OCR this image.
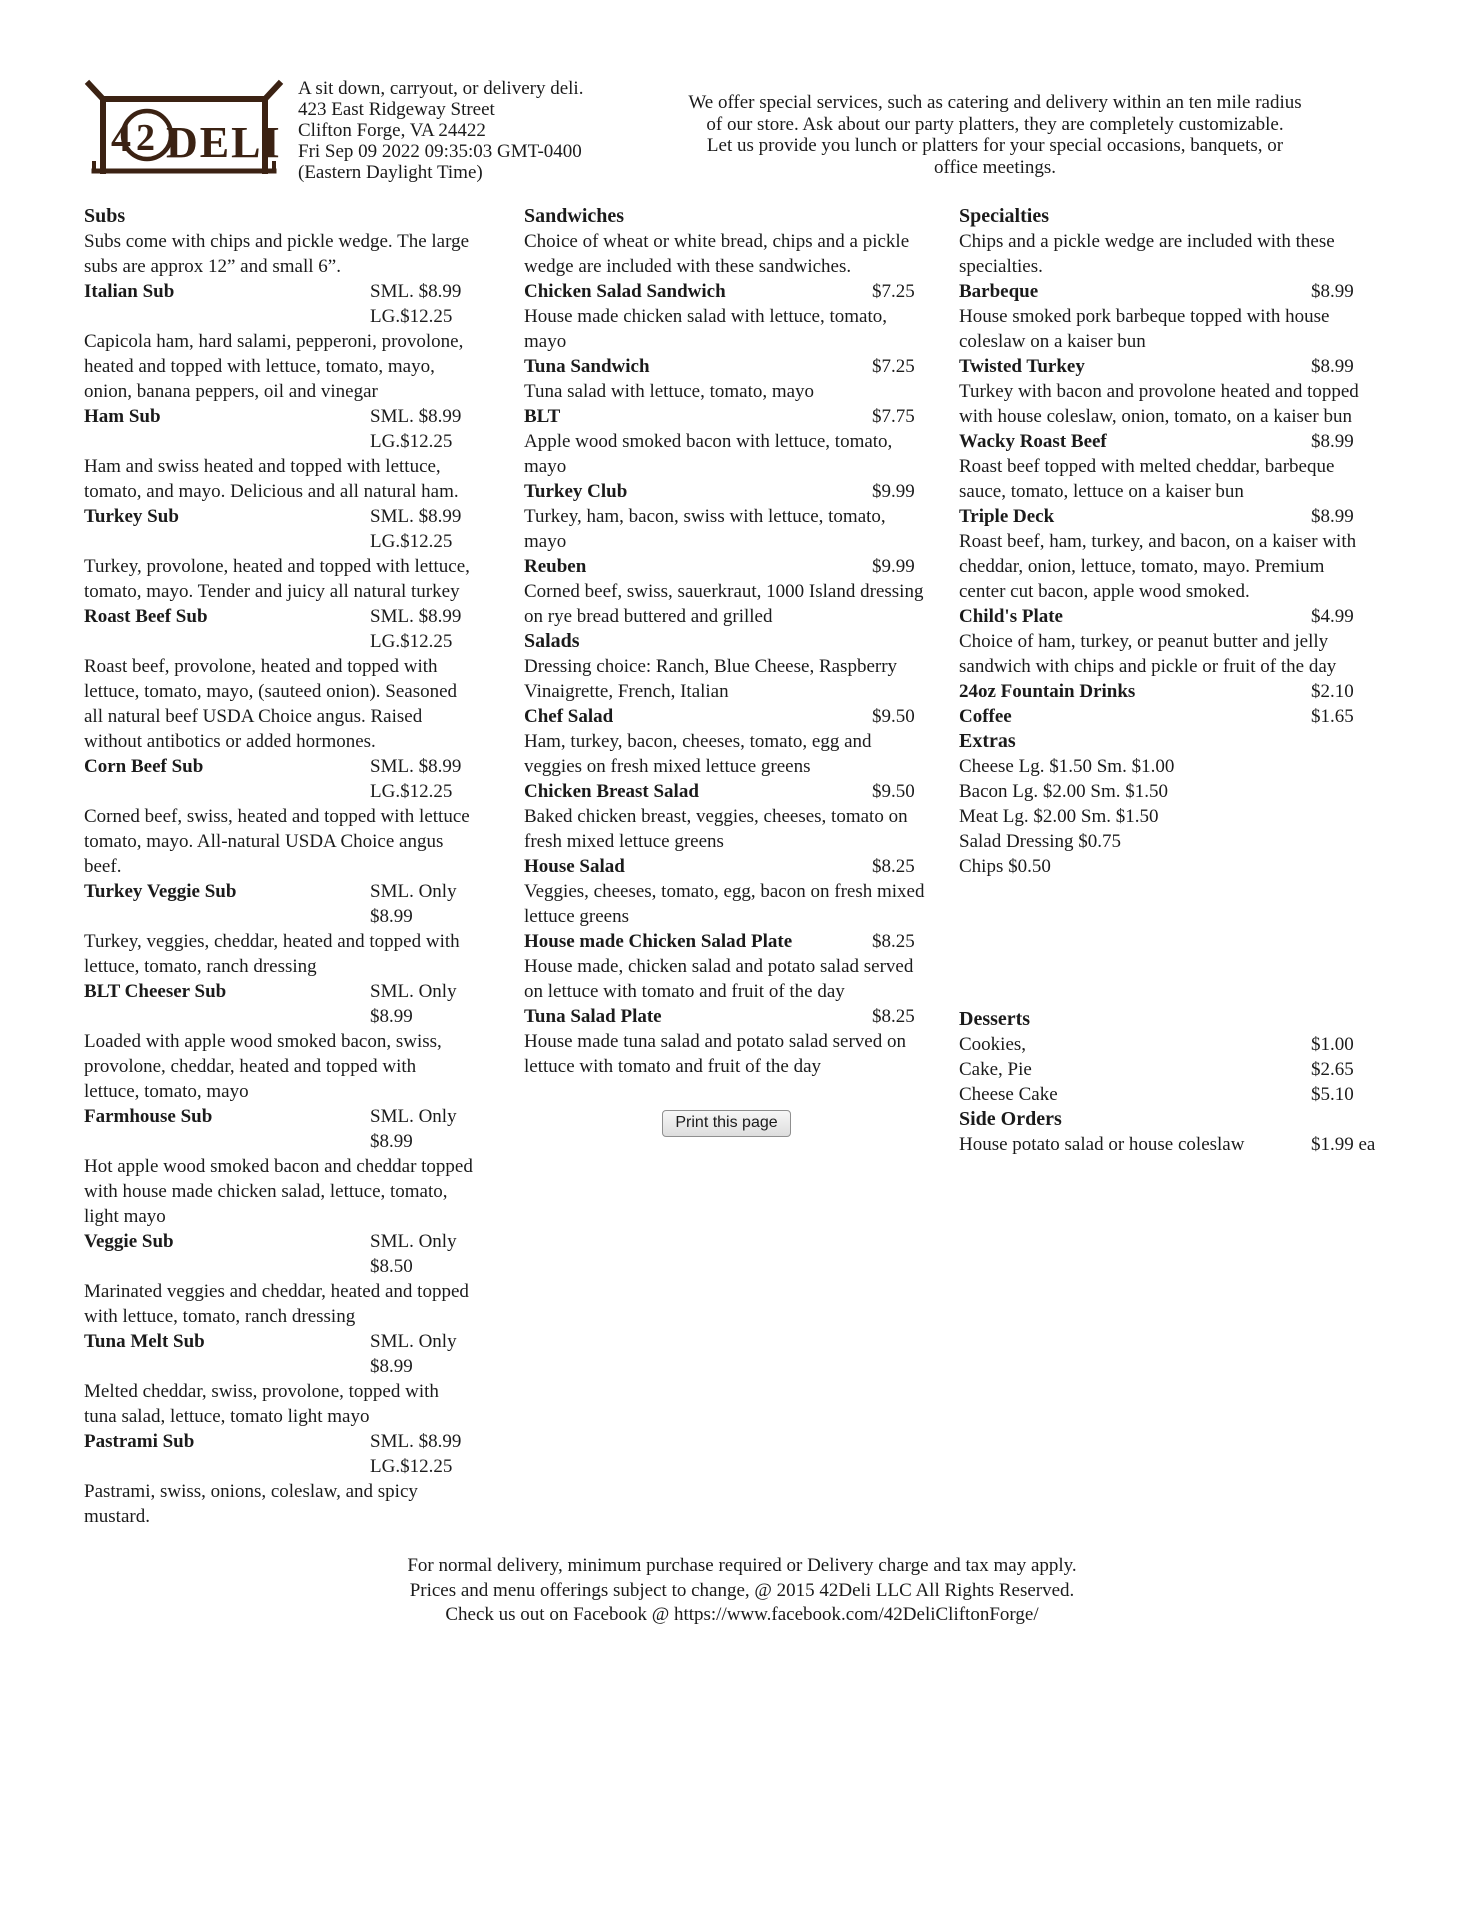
4 2 DELI
A sit down, carryout, or delivery deli.
423 East Ridgeway Street
Clifton Forge, VA 24422
Fri Sep 09 2022 09:35:03 GMT-0400 (Eastern Daylight Time)
We offer special services, such as catering and delivery within an ten mile radius of our store. Ask about our party platters, they are completely customizable.
Let us provide you lunch or platters for your special occasions, banquets, or office meetings.
Subs
Subs come with chips and pickle wedge. The large subs are approx 12” and small 6”.
Italian Sub	SML. $8.99
LG.$12.25
Capicola ham, hard salami, pepperoni, provolone, heated and topped with lettuce, tomato, mayo, onion, banana peppers, oil and vinegar
Ham Sub	SML. $8.99
LG.$12.25
Ham and swiss heated and topped with lettuce, tomato, and mayo. Delicious and all natural ham.
Turkey Sub	SML. $8.99
LG.$12.25
Turkey, provolone, heated and topped with lettuce, tomato, mayo. Tender and juicy all natural turkey
Roast Beef Sub	SML. $8.99
LG.$12.25
Roast beef, provolone, heated and topped with lettuce, tomato, mayo, (sauteed onion). Seasoned all natural beef USDA Choice angus. Raised without antibotics or added hormones.
Corn Beef Sub	SML. $8.99
LG.$12.25
Corned beef, swiss, heated and topped with lettuce tomato, mayo. All-natural USDA Choice angus beef.
Turkey Veggie Sub	SML. Only
$8.99
Turkey, veggies, cheddar, heated and topped with lettuce, tomato, ranch dressing
BLT Cheeser Sub	SML. Only
$8.99
Loaded with apple wood smoked bacon, swiss, provolone, cheddar, heated and topped with lettuce, tomato, mayo
Farmhouse Sub	SML. Only
$8.99
Hot apple wood smoked bacon and cheddar topped with house made chicken salad, lettuce, tomato, light mayo
Veggie Sub	SML. Only
$8.50
Marinated veggies and cheddar, heated and topped with lettuce, tomato, ranch dressing
Tuna Melt Sub	SML. Only
$8.99
Melted cheddar, swiss, provolone, topped with tuna salad, lettuce, tomato light mayo
Pastrami Sub	SML. $8.99
LG.$12.25
Pastrami, swiss, onions, coleslaw, and spicy mustard.
Sandwiches
Choice of wheat or white bread, chips and a pickle wedge are included with these sandwiches.
Chicken Salad Sandwich	$7.25
House made chicken salad with lettuce, tomato, mayo
Tuna Sandwich	$7.25
Tuna salad with lettuce, tomato, mayo
BLT	$7.75
Apple wood smoked bacon with lettuce, tomato, mayo
Turkey Club	$9.99
Turkey, ham, bacon, swiss with lettuce, tomato, mayo
Reuben	$9.99
Corned beef, swiss, sauerkraut, 1000 Island dressing on rye bread buttered and grilled
Salads
Dressing choice: Ranch, Blue Cheese, Raspberry Vinaigrette, French, Italian
Chef Salad	$9.50
Ham, turkey, bacon, cheeses, tomato, egg and veggies on fresh mixed lettuce greens
Chicken Breast Salad	$9.50
Baked chicken breast, veggies, cheeses, tomato on fresh mixed lettuce greens
House Salad	$8.25
Veggies, cheeses, tomato, egg, bacon on fresh mixed lettuce greens
House made Chicken Salad Plate	$8.25
House made, chicken salad and potato salad served on lettuce with tomato and fruit of the day
Tuna Salad Plate	$8.25
House made tuna salad and potato salad served on lettuce with tomato and fruit of the day
Print this page
Specialties
Chips and a pickle wedge are included with these specialties.
Barbeque	$8.99
House smoked pork barbeque topped with house coleslaw on a kaiser bun
Twisted Turkey	$8.99
Turkey with bacon and provolone heated and topped with house coleslaw, onion, tomato, on a kaiser bun
Wacky Roast Beef	$8.99
Roast beef topped with melted cheddar, barbeque sauce, tomato, lettuce on a kaiser bun
Triple Deck	$8.99
Roast beef, ham, turkey, and bacon, on a kaiser with cheddar, onion, lettuce, tomato, mayo. Premium center cut bacon, apple wood smoked.
Child's Plate	$4.99
Choice of ham, turkey, or peanut butter and jelly sandwich with chips and pickle or fruit of the day
24oz Fountain Drinks	$2.10
Coffee	$1.65
Extras
Cheese Lg. $1.50 Sm. $1.00
Bacon Lg. $2.00 Sm. $1.50
Meat Lg. $2.00 Sm. $1.50
Salad Dressing $0.75
Chips $0.50
Desserts
Cookies,	$1.00
Cake, Pie	$2.65
Cheese Cake	$5.10
Side Orders
House potato salad or house coleslaw	$1.99 ea
For normal delivery, minimum purchase required or Delivery charge and tax may apply.
Prices and menu offerings subject to change, @ 2015 42Deli LLC All Rights Reserved.
Check us out on Facebook @ https://www.facebook.com/42DeliCliftonForge/
